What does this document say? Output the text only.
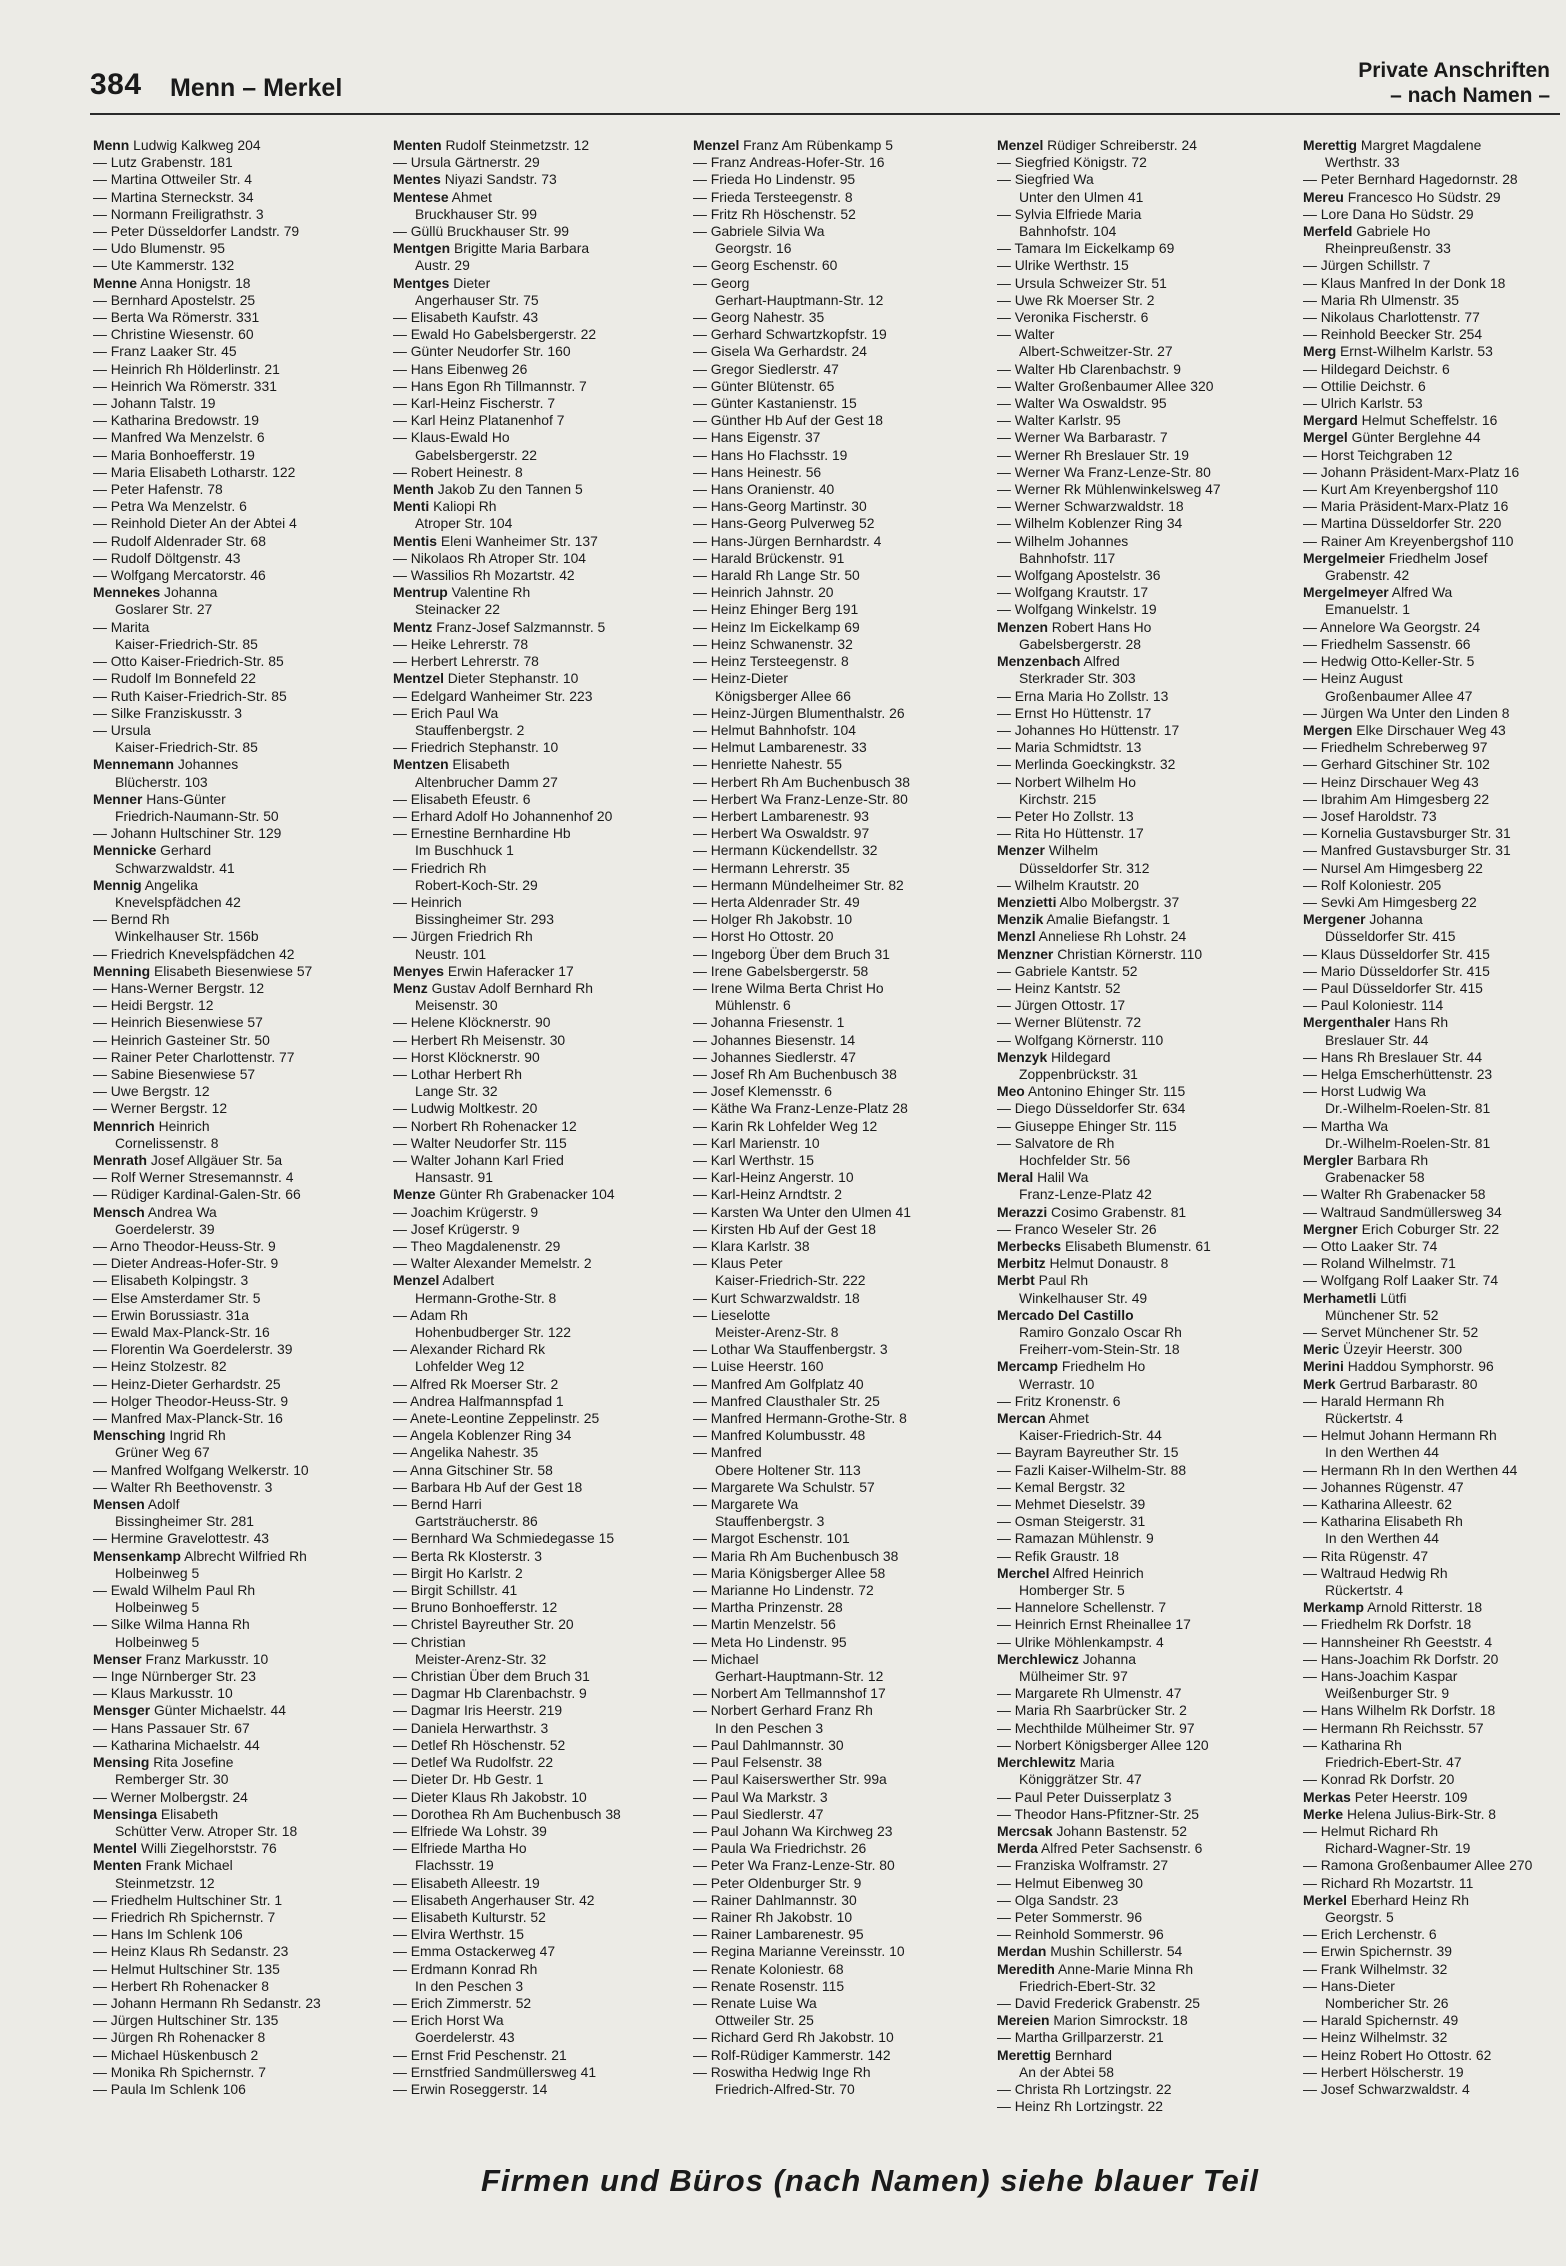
384 Menn – Merkel
Private Anschriften
– nach Namen –
Menn Ludwig Kalkweg 204
— Lutz Grabenstr. 181
— Martina Ottweiler Str. 4
— Martina Sterneckstr. 34
— Normann Freiligrathstr. 3
— Peter Düsseldorfer Landstr. 79
— Udo Blumenstr. 95
— Ute Kammerstr. 132
Menne Anna Honigstr. 18
— Bernhard Apostelstr. 25
— Berta Wa Römerstr. 331
— Christine Wiesenstr. 60
— Franz Laaker Str. 45
— Heinrich Rh Hölderlinstr. 21
— Heinrich Wa Römerstr. 331
— Johann Talstr. 19
— Katharina Bredowstr. 19
— Manfred Wa Menzelstr. 6
— Maria Bonhoefferstr. 19
— Maria Elisabeth Lotharstr. 122
— Peter Hafenstr. 78
— Petra Wa Menzelstr. 6
— Reinhold Dieter An der Abtei 4
— Rudolf Aldenrader Str. 68
— Rudolf Döltgenstr. 43
— Wolfgang Mercatorstr. 46
Mennekes Johanna
Goslarer Str. 27
— Marita
Kaiser-Friedrich-Str. 85
— Otto Kaiser-Friedrich-Str. 85
— Rudolf Im Bonnefeld 22
— Ruth Kaiser-Friedrich-Str. 85
— Silke Franziskusstr. 3
— Ursula
Kaiser-Friedrich-Str. 85
Mennemann Johannes
Blücherstr. 103
Menner Hans-Günter
Friedrich-Naumann-Str. 50
— Johann Hultschiner Str. 129
Mennicke Gerhard
Schwarzwaldstr. 41
Mennig Angelika
Knevelspfädchen 42
— Bernd Rh
Winkelhauser Str. 156b
— Friedrich Knevelspfädchen 42
Menning Elisabeth Biesenwiese 57
— Hans-Werner Bergstr. 12
— Heidi Bergstr. 12
— Heinrich Biesenwiese 57
— Heinrich Gasteiner Str. 50
— Rainer Peter Charlottenstr. 77
— Sabine Biesenwiese 57
— Uwe Bergstr. 12
— Werner Bergstr. 12
Mennrich Heinrich
Cornelissenstr. 8
Menrath Josef Allgäuer Str. 5a
— Rolf Werner Stresemannstr. 4
— Rüdiger Kardinal-Galen-Str. 66
Mensch Andrea Wa
Goerdelerstr. 39
— Arno Theodor-Heuss-Str. 9
— Dieter Andreas-Hofer-Str. 9
— Elisabeth Kolpingstr. 3
— Else Amsterdamer Str. 5
— Erwin Borussiastr. 31a
— Ewald Max-Planck-Str. 16
— Florentin Wa Goerdelerstr. 39
— Heinz Stolzestr. 82
— Heinz-Dieter Gerhardstr. 25
— Holger Theodor-Heuss-Str. 9
— Manfred Max-Planck-Str. 16
Mensching Ingrid Rh
Grüner Weg 67
— Manfred Wolfgang Welkerstr. 10
— Walter Rh Beethovenstr. 3
Mensen Adolf
Bissingheimer Str. 281
— Hermine Gravelottestr. 43
Mensenkamp Albrecht Wilfried Rh
Holbeinweg 5
— Ewald Wilhelm Paul Rh
Holbeinweg 5
— Silke Wilma Hanna Rh
Holbeinweg 5
Menser Franz Markusstr. 10
— Inge Nürnberger Str. 23
— Klaus Markusstr. 10
Mensger Günter Michaelstr. 44
— Hans Passauer Str. 67
— Katharina Michaelstr. 44
Mensing Rita Josefine
Remberger Str. 30
— Werner Molbergstr. 24
Mensinga Elisabeth
Schütter Verw. Atroper Str. 18
Mentel Willi Ziegelhorststr. 76
Menten Frank Michael
Steinmetzstr. 12
— Friedhelm Hultschiner Str. 1
— Friedrich Rh Spichernstr. 7
— Hans Im Schlenk 106
— Heinz Klaus Rh Sedanstr. 23
— Helmut Hultschiner Str. 135
— Herbert Rh Rohenacker 8
— Johann Hermann Rh Sedanstr. 23
— Jürgen Hultschiner Str. 135
— Jürgen Rh Rohenacker 8
— Michael Hüskenbusch 2
— Monika Rh Spichernstr. 7
— Paula Im Schlenk 106
Menten Rudolf Steinmetzstr. 12
— Ursula Gärtnerstr. 29
Mentes Niyazi Sandstr. 73
Mentese Ahmet
Bruckhauser Str. 99
— Güllü Bruckhauser Str. 99
Mentgen Brigitte Maria Barbara
Austr. 29
Mentges Dieter
Angerhauser Str. 75
— Elisabeth Kaufstr. 43
— Ewald Ho Gabelsbergerstr. 22
— Günter Neudorfer Str. 160
— Hans Eibenweg 26
— Hans Egon Rh Tillmannstr. 7
— Karl-Heinz Fischerstr. 7
— Karl Heinz Platanenhof 7
— Klaus-Ewald Ho
Gabelsbergerstr. 22
— Robert Heinestr. 8
Menth Jakob Zu den Tannen 5
Menti Kaliopi Rh
Atroper Str. 104
Mentis Eleni Wanheimer Str. 137
— Nikolaos Rh Atroper Str. 104
— Wassilios Rh Mozartstr. 42
Mentrup Valentine Rh
Steinacker 22
Mentz Franz-Josef Salzmannstr. 5
— Heike Lehrerstr. 78
— Herbert Lehrerstr. 78
Mentzel Dieter Stephanstr. 10
— Edelgard Wanheimer Str. 223
— Erich Paul Wa
Stauffenbergstr. 2
— Friedrich Stephanstr. 10
Mentzen Elisabeth
Altenbrucher Damm 27
— Elisabeth Efeustr. 6
— Erhard Adolf Ho Johannenhof 20
— Ernestine Bernhardine Hb
Im Buschhuck 1
— Friedrich Rh
Robert-Koch-Str. 29
— Heinrich
Bissingheimer Str. 293
— Jürgen Friedrich Rh
Neustr. 101
Menyes Erwin Haferacker 17
Menz Gustav Adolf Bernhard Rh
Meisenstr. 30
— Helene Klöcknerstr. 90
— Herbert Rh Meisenstr. 30
— Horst Klöcknerstr. 90
— Lothar Herbert Rh
Lange Str. 32
— Ludwig Moltkestr. 20
— Norbert Rh Rohenacker 12
— Walter Neudorfer Str. 115
— Walter Johann Karl Fried
Hansastr. 91
Menze Günter Rh Grabenacker 104
— Joachim Krügerstr. 9
— Josef Krügerstr. 9
— Theo Magdalenenstr. 29
— Walter Alexander Memelstr. 2
Menzel Adalbert
Hermann-Grothe-Str. 8
— Adam Rh
Hohenbudberger Str. 122
— Alexander Richard Rk
Lohfelder Weg 12
— Alfred Rk Moerser Str. 2
— Andrea Halfmannspfad 1
— Anete-Leontine Zeppelinstr. 25
— Angela Koblenzer Ring 34
— Angelika Nahestr. 35
— Anna Gitschiner Str. 58
— Barbara Hb Auf der Gest 18
— Bernd Harri
Gartsträucherstr. 86
— Bernhard Wa Schmiedegasse 15
— Berta Rk Klosterstr. 3
— Birgit Ho Karlstr. 2
— Birgit Schillstr. 41
— Bruno Bonhoefferstr. 12
— Christel Bayreuther Str. 20
— Christian
Meister-Arenz-Str. 32
— Christian Über dem Bruch 31
— Dagmar Hb Clarenbachstr. 9
— Dagmar Iris Heerstr. 219
— Daniela Herwarthstr. 3
— Detlef Rh Höschenstr. 52
— Detlef Wa Rudolfstr. 22
— Dieter Dr. Hb Gestr. 1
— Dieter Klaus Rh Jakobstr. 10
— Dorothea Rh Am Buchenbusch 38
— Elfriede Wa Lohstr. 39
— Elfriede Martha Ho
Flachsstr. 19
— Elisabeth Alleestr. 19
— Elisabeth Angerhauser Str. 42
— Elisabeth Kulturstr. 52
— Elvira Werthstr. 15
— Emma Ostackerweg 47
— Erdmann Konrad Rh
In den Peschen 3
— Erich Zimmerstr. 52
— Erich Horst Wa
Goerdelerstr. 43
— Ernst Frid Peschenstr. 21
— Ernstfried Sandmüllersweg 41
— Erwin Roseggerstr. 14
Menzel Franz Am Rübenkamp 5
— Franz Andreas-Hofer-Str. 16
— Frieda Ho Lindenstr. 95
— Frieda Tersteegenstr. 8
— Fritz Rh Höschenstr. 52
— Gabriele Silvia Wa
Georgstr. 16
— Georg Eschenstr. 60
— Georg
Gerhart-Hauptmann-Str. 12
— Georg Nahestr. 35
— Gerhard Schwartzkopfstr. 19
— Gisela Wa Gerhardstr. 24
— Gregor Siedlerstr. 47
— Günter Blütenstr. 65
— Günter Kastanienstr. 15
— Günther Hb Auf der Gest 18
— Hans Eigenstr. 37
— Hans Ho Flachsstr. 19
— Hans Heinestr. 56
— Hans Oranienstr. 40
— Hans-Georg Martinstr. 30
— Hans-Georg Pulverweg 52
— Hans-Jürgen Bernhardstr. 4
— Harald Brückenstr. 91
— Harald Rh Lange Str. 50
— Heinrich Jahnstr. 20
— Heinz Ehinger Berg 191
— Heinz Im Eickelkamp 69
— Heinz Schwanenstr. 32
— Heinz Tersteegenstr. 8
— Heinz-Dieter
Königsberger Allee 66
— Heinz-Jürgen Blumenthalstr. 26
— Helmut Bahnhofstr. 104
— Helmut Lambarenestr. 33
— Henriette Nahestr. 55
— Herbert Rh Am Buchenbusch 38
— Herbert Wa Franz-Lenze-Str. 80
— Herbert Lambarenestr. 93
— Herbert Wa Oswaldstr. 97
— Hermann Kückendellstr. 32
— Hermann Lehrerstr. 35
— Hermann Mündelheimer Str. 82
— Herta Aldenrader Str. 49
— Holger Rh Jakobstr. 10
— Horst Ho Ottostr. 20
— Ingeborg Über dem Bruch 31
— Irene Gabelsbergerstr. 58
— Irene Wilma Berta Christ Ho
Mühlenstr. 6
— Johanna Friesenstr. 1
— Johannes Biesenstr. 14
— Johannes Siedlerstr. 47
— Josef Rh Am Buchenbusch 38
— Josef Klemensstr. 6
— Käthe Wa Franz-Lenze-Platz 28
— Karin Rk Lohfelder Weg 12
— Karl Marienstr. 10
— Karl Werthstr. 15
— Karl-Heinz Angerstr. 10
— Karl-Heinz Arndtstr. 2
— Karsten Wa Unter den Ulmen 41
— Kirsten Hb Auf der Gest 18
— Klara Karlstr. 38
— Klaus Peter
Kaiser-Friedrich-Str. 222
— Kurt Schwarzwaldstr. 18
— Lieselotte
Meister-Arenz-Str. 8
— Lothar Wa Stauffenbergstr. 3
— Luise Heerstr. 160
— Manfred Am Golfplatz 40
— Manfred Clausthaler Str. 25
— Manfred Hermann-Grothe-Str. 8
— Manfred Kolumbusstr. 48
— Manfred
Obere Holtener Str. 113
— Margarete Wa Schulstr. 57
— Margarete Wa
Stauffenbergstr. 3
— Margot Eschenstr. 101
— Maria Rh Am Buchenbusch 38
— Maria Königsberger Allee 58
— Marianne Ho Lindenstr. 72
— Martha Prinzenstr. 28
— Martin Menzelstr. 56
— Meta Ho Lindenstr. 95
— Michael
Gerhart-Hauptmann-Str. 12
— Norbert Am Tellmannshof 17
— Norbert Gerhard Franz Rh
In den Peschen 3
— Paul Dahlmannstr. 30
— Paul Felsenstr. 38
— Paul Kaiserswerther Str. 99a
— Paul Wa Markstr. 3
— Paul Siedlerstr. 47
— Paul Johann Wa Kirchweg 23
— Paula Wa Friedrichstr. 26
— Peter Wa Franz-Lenze-Str. 80
— Peter Oldenburger Str. 9
— Rainer Dahlmannstr. 30
— Rainer Rh Jakobstr. 10
— Rainer Lambarenestr. 95
— Regina Marianne Vereinsstr. 10
— Renate Koloniestr. 68
— Renate Rosenstr. 115
— Renate Luise Wa
Ottweiler Str. 25
— Richard Gerd Rh Jakobstr. 10
— Rolf-Rüdiger Kammerstr. 142
— Roswitha Hedwig Inge Rh
Friedrich-Alfred-Str. 70
Menzel Rüdiger Schreiberstr. 24
— Siegfried Königstr. 72
— Siegfried Wa
Unter den Ulmen 41
— Sylvia Elfriede Maria
Bahnhofstr. 104
— Tamara Im Eickelkamp 69
— Ulrike Werthstr. 15
— Ursula Schweizer Str. 51
— Uwe Rk Moerser Str. 2
— Veronika Fischerstr. 6
— Walter
Albert-Schweitzer-Str. 27
— Walter Hb Clarenbachstr. 9
— Walter Großenbaumer Allee 320
— Walter Wa Oswaldstr. 95
— Walter Karlstr. 95
— Werner Wa Barbarastr. 7
— Werner Rh Breslauer Str. 19
— Werner Wa Franz-Lenze-Str. 80
— Werner Rk Mühlenwinkelsweg 47
— Werner Schwarzwaldstr. 18
— Wilhelm Koblenzer Ring 34
— Wilhelm Johannes
Bahnhofstr. 117
— Wolfgang Apostelstr. 36
— Wolfgang Krautstr. 17
— Wolfgang Winkelstr. 19
Menzen Robert Hans Ho
Gabelsbergerstr. 28
Menzenbach Alfred
Sterkrader Str. 303
— Erna Maria Ho Zollstr. 13
— Ernst Ho Hüttenstr. 17
— Johannes Ho Hüttenstr. 17
— Maria Schmidtstr. 13
— Merlinda Goeckingkstr. 32
— Norbert Wilhelm Ho
Kirchstr. 215
— Peter Ho Zollstr. 13
— Rita Ho Hüttenstr. 17
Menzer Wilhelm
Düsseldorfer Str. 312
— Wilhelm Krautstr. 20
Menzietti Albo Molbergstr. 37
Menzik Amalie Biefangstr. 1
Menzl Anneliese Rh Lohstr. 24
Menzner Christian Körnerstr. 110
— Gabriele Kantstr. 52
— Heinz Kantstr. 52
— Jürgen Ottostr. 17
— Werner Blütenstr. 72
— Wolfgang Körnerstr. 110
Menzyk Hildegard
Zoppenbrückstr. 31
Meo Antonino Ehinger Str. 115
— Diego Düsseldorfer Str. 634
— Giuseppe Ehinger Str. 115
— Salvatore de Rh
Hochfelder Str. 56
Meral Halil Wa
Franz-Lenze-Platz 42
Merazzi Cosimo Grabenstr. 81
— Franco Weseler Str. 26
Merbecks Elisabeth Blumenstr. 61
Merbitz Helmut Donaustr. 8
Merbt Paul Rh
Winkelhauser Str. 49
Mercado Del Castillo
Ramiro Gonzalo Oscar Rh
Freiherr-vom-Stein-Str. 18
Mercamp Friedhelm Ho
Werrastr. 10
— Fritz Kronenstr. 6
Mercan Ahmet
Kaiser-Friedrich-Str. 44
— Bayram Bayreuther Str. 15
— Fazli Kaiser-Wilhelm-Str. 88
— Kemal Bergstr. 32
— Mehmet Dieselstr. 39
— Osman Steigerstr. 31
— Ramazan Mühlenstr. 9
— Refik Graustr. 18
Merchel Alfred Heinrich
Homberger Str. 5
— Hannelore Schellenstr. 7
— Heinrich Ernst Rheinallee 17
— Ulrike Möhlenkampstr. 4
Merchlewicz Johanna
Mülheimer Str. 97
— Margarete Rh Ulmenstr. 47
— Maria Rh Saarbrücker Str. 2
— Mechthilde Mülheimer Str. 97
— Norbert Königsberger Allee 120
Merchlewitz Maria
Königgrätzer Str. 47
— Paul Peter Duisserplatz 3
— Theodor Hans-Pfitzner-Str. 25
Mercsak Johann Bastenstr. 52
Merda Alfred Peter Sachsenstr. 6
— Franziska Wolframstr. 27
— Helmut Eibenweg 30
— Olga Sandstr. 23
— Peter Sommerstr. 96
— Reinhold Sommerstr. 96
Merdan Mushin Schillerstr. 54
Meredith Anne-Marie Minna Rh
Friedrich-Ebert-Str. 32
— David Frederick Grabenstr. 25
Mereien Marion Simrockstr. 18
— Martha Grillparzerstr. 21
Merettig Bernhard
An der Abtei 58
— Christa Rh Lortzingstr. 22
— Heinz Rh Lortzingstr. 22
Merettig Margret Magdalene
Werthstr. 33
— Peter Bernhard Hagedornstr. 28
Mereu Francesco Ho Südstr. 29
— Lore Dana Ho Südstr. 29
Merfeld Gabriele Ho
Rheinpreußenstr. 33
— Jürgen Schillstr. 7
— Klaus Manfred In der Donk 18
— Maria Rh Ulmenstr. 35
— Nikolaus Charlottenstr. 77
— Reinhold Beecker Str. 254
Merg Ernst-Wilhelm Karlstr. 53
— Hildegard Deichstr. 6
— Ottilie Deichstr. 6
— Ulrich Karlstr. 53
Mergard Helmut Scheffelstr. 16
Mergel Günter Berglehne 44
— Horst Teichgraben 12
— Johann Präsident-Marx-Platz 16
— Kurt Am Kreyenbergshof 110
— Maria Präsident-Marx-Platz 16
— Martina Düsseldorfer Str. 220
— Rainer Am Kreyenbergshof 110
Mergelmeier Friedhelm Josef
Grabenstr. 42
Mergelmeyer Alfred Wa
Emanuelstr. 1
— Annelore Wa Georgstr. 24
— Friedhelm Sassenstr. 66
— Hedwig Otto-Keller-Str. 5
— Heinz August
Großenbaumer Allee 47
— Jürgen Wa Unter den Linden 8
Mergen Elke Dirschauer Weg 43
— Friedhelm Schreberweg 97
— Gerhard Gitschiner Str. 102
— Heinz Dirschauer Weg 43
— Ibrahim Am Himgesberg 22
— Josef Haroldstr. 73
— Kornelia Gustavsburger Str. 31
— Manfred Gustavsburger Str. 31
— Nursel Am Himgesberg 22
— Rolf Koloniestr. 205
— Sevki Am Himgesberg 22
Mergener Johanna
Düsseldorfer Str. 415
— Klaus Düsseldorfer Str. 415
— Mario Düsseldorfer Str. 415
— Paul Düsseldorfer Str. 415
— Paul Koloniestr. 114
Mergenthaler Hans Rh
Breslauer Str. 44
— Hans Rh Breslauer Str. 44
— Helga Emscherhüttenstr. 23
— Horst Ludwig Wa
Dr.-Wilhelm-Roelen-Str. 81
— Martha Wa
Dr.-Wilhelm-Roelen-Str. 81
Mergler Barbara Rh
Grabenacker 58
— Walter Rh Grabenacker 58
— Waltraud Sandmüllersweg 34
Mergner Erich Coburger Str. 22
— Otto Laaker Str. 74
— Roland Wilhelmstr. 71
— Wolfgang Rolf Laaker Str. 74
Merhametli Lütfi
Münchener Str. 52
— Servet Münchener Str. 52
Meric Üzeyir Heerstr. 300
Merini Haddou Symphorstr. 96
Merk Gertrud Barbarastr. 80
— Harald Hermann Rh
Rückertstr. 4
— Helmut Johann Hermann Rh
In den Werthen 44
— Hermann Rh In den Werthen 44
— Johannes Rügenstr. 47
— Katharina Alleestr. 62
— Katharina Elisabeth Rh
In den Werthen 44
— Rita Rügenstr. 47
— Waltraud Hedwig Rh
Rückertstr. 4
Merkamp Arnold Ritterstr. 18
— Friedhelm Rk Dorfstr. 18
— Hannsheiner Rh Geeststr. 4
— Hans-Joachim Rk Dorfstr. 20
— Hans-Joachim Kaspar
Weißenburger Str. 9
— Hans Wilhelm Rk Dorfstr. 18
— Hermann Rh Reichsstr. 57
— Katharina Rh
Friedrich-Ebert-Str. 47
— Konrad Rk Dorfstr. 20
Merkas Peter Heerstr. 109
Merke Helena Julius-Birk-Str. 8
— Helmut Richard Rh
Richard-Wagner-Str. 19
— Ramona Großenbaumer Allee 270
— Richard Rh Mozartstr. 11
Merkel Eberhard Heinz Rh
Georgstr. 5
— Erich Lerchenstr. 6
— Erwin Spichernstr. 39
— Frank Wilhelmstr. 32
— Hans-Dieter
Nombericher Str. 26
— Harald Spichernstr. 49
— Heinz Wilhelmstr. 32
— Heinz Robert Ho Ottostr. 62
— Herbert Hölscherstr. 19
— Josef Schwarzwaldstr. 4
Firmen und Büros (nach Namen) siehe blauer Teil
